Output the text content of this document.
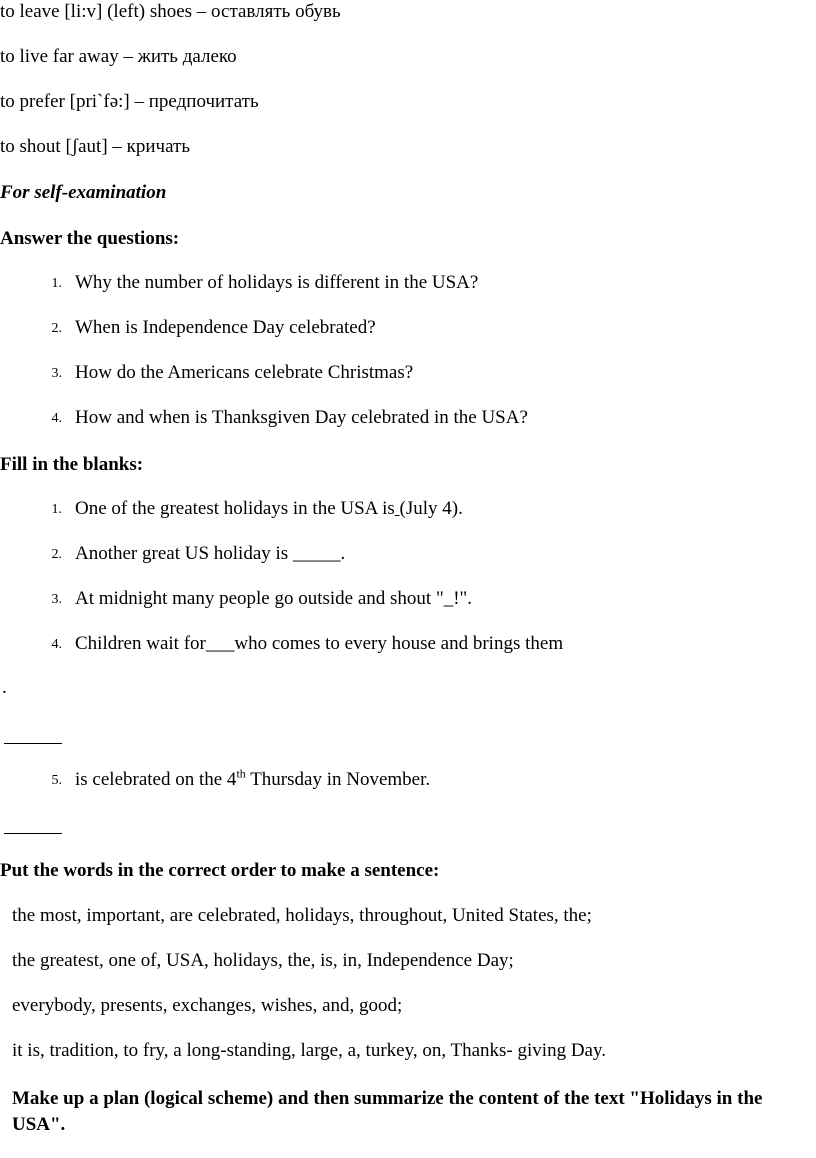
to leave [li:v] (left) shoes – оставлять обувь
to live far away – жить далеко
to prefer [pri`fə:] – предпочитать
to shout [ʃaut] – кричать
For self-examination
Answer the questions:
1. Why the number of holidays is different in the USA?
2. When is Independence Day celebrated?
3. How do the Americans celebrate Christmas?
4. How and when is Thanksgiven Day celebrated in the USA?
Fill in the blanks:
1. One of the greatest holidays in the USA is (July 4).
2. Another great US holiday is _____.
3. At midnight many people go outside and shout "_!".
4. Children wait for___who comes to every house and brings them
.
5. is celebrated on the 4th Thursday in November.
Put the words in the correct order to make a sentence:
the most, important, are celebrated, holidays, throughout, United States, the;
the greatest, one of, USA, holidays, the, is, in, Independence Day;
everybody, presents, exchanges, wishes, and, good;
it is, tradition, to fry, a long-standing, large, a, turkey, on, Thanks- giving Day.
Make up a plan (logical scheme) and then summarize the content of the text "Holidays in the USA".
